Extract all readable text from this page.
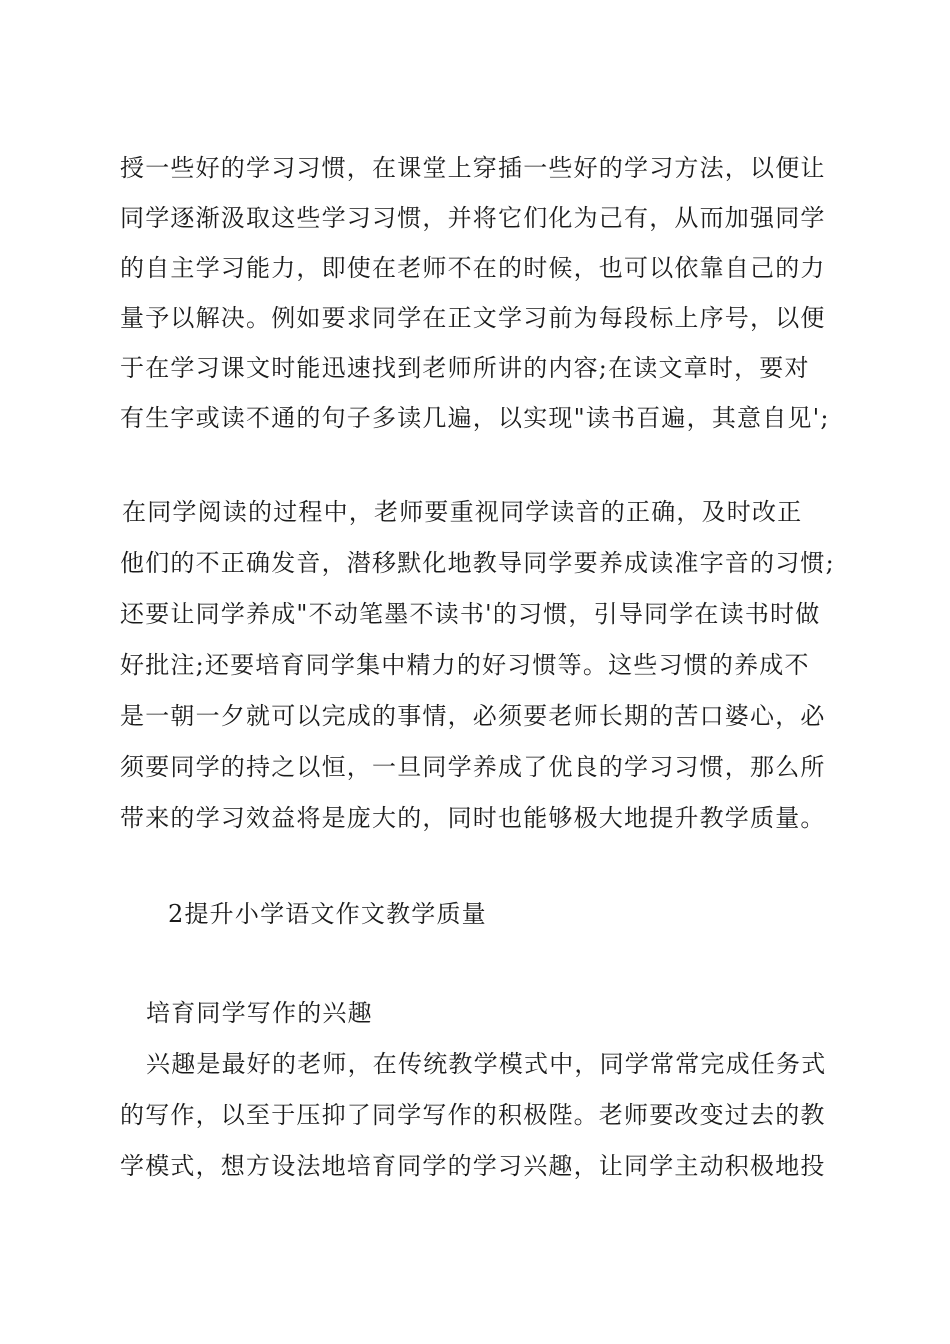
授一些好的学习习惯，在课堂上穿插一些好的学习方法，以便让
同学逐渐汲取这些学习习惯，并将它们化为己有，从而加强同学
的自主学习能力，即使在老师不在的时候，也可以依靠自己的力
量予以解决。例如要求同学在正文学习前为每段标上序号，以便
于在学习课文时能迅速找到老师所讲的内容;在读文章时，要对
有生字或读不通的句子多读几遍，以实现"读书百遍，其意自见';
在同学阅读的过程中，老师要重视同学读音的正确，及时改正
他们的不正确发音，潜移默化地教导同学要养成读准字音的习惯;
还要让同学养成"不动笔墨不读书'的习惯，引导同学在读书时做
好批注;还要培育同学集中精力的好习惯等。这些习惯的养成不
是一朝一夕就可以完成的事情，必须要老师长期的苦口婆心，必
须要同学的持之以恒，一旦同学养成了优良的学习习惯，那么所
带来的学习效益将是庞大的，同时也能够极大地提升教学质量。
2提升小学语文作文教学质量
培育同学写作的兴趣
兴趣是最好的老师，在传统教学模式中，同学常常完成任务式
的写作，以至于压抑了同学写作的积极陛。老师要改变过去的教
学模式，想方设法地培育同学的学习兴趣，让同学主动积极地投
